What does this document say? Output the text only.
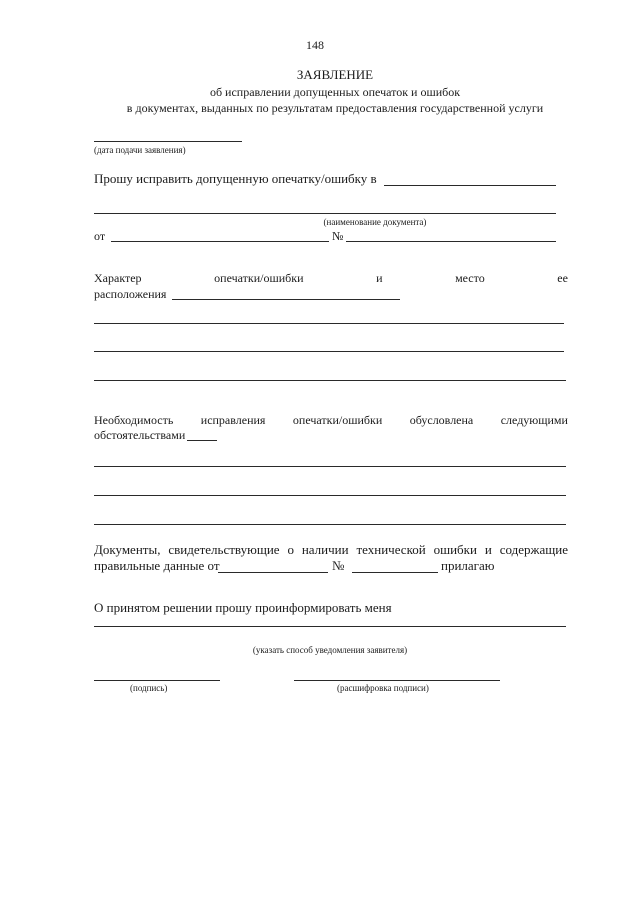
148
ЗАЯВЛЕНИЕ
об исправлении допущенных опечаток и ошибок
в документах, выданных по результатам предоставления государственной услуги
(дата подачи заявления)
Прошу исправить допущенную опечатку/ошибку в
(наименование документа)
от	№
Характер	опечатки/ошибки	и	место	ее
расположения
Необходимость исправления опечатки/ошибки обусловлена следующими
обстоятельствами
Документы, свидетельствующие о наличии технической ошибки и содержащие
правильные данные от	№	прилагаю
О принятом решении прошу проинформировать меня
(указать способ уведомления заявителя)
(подпись)	(расшифровка подписи)
